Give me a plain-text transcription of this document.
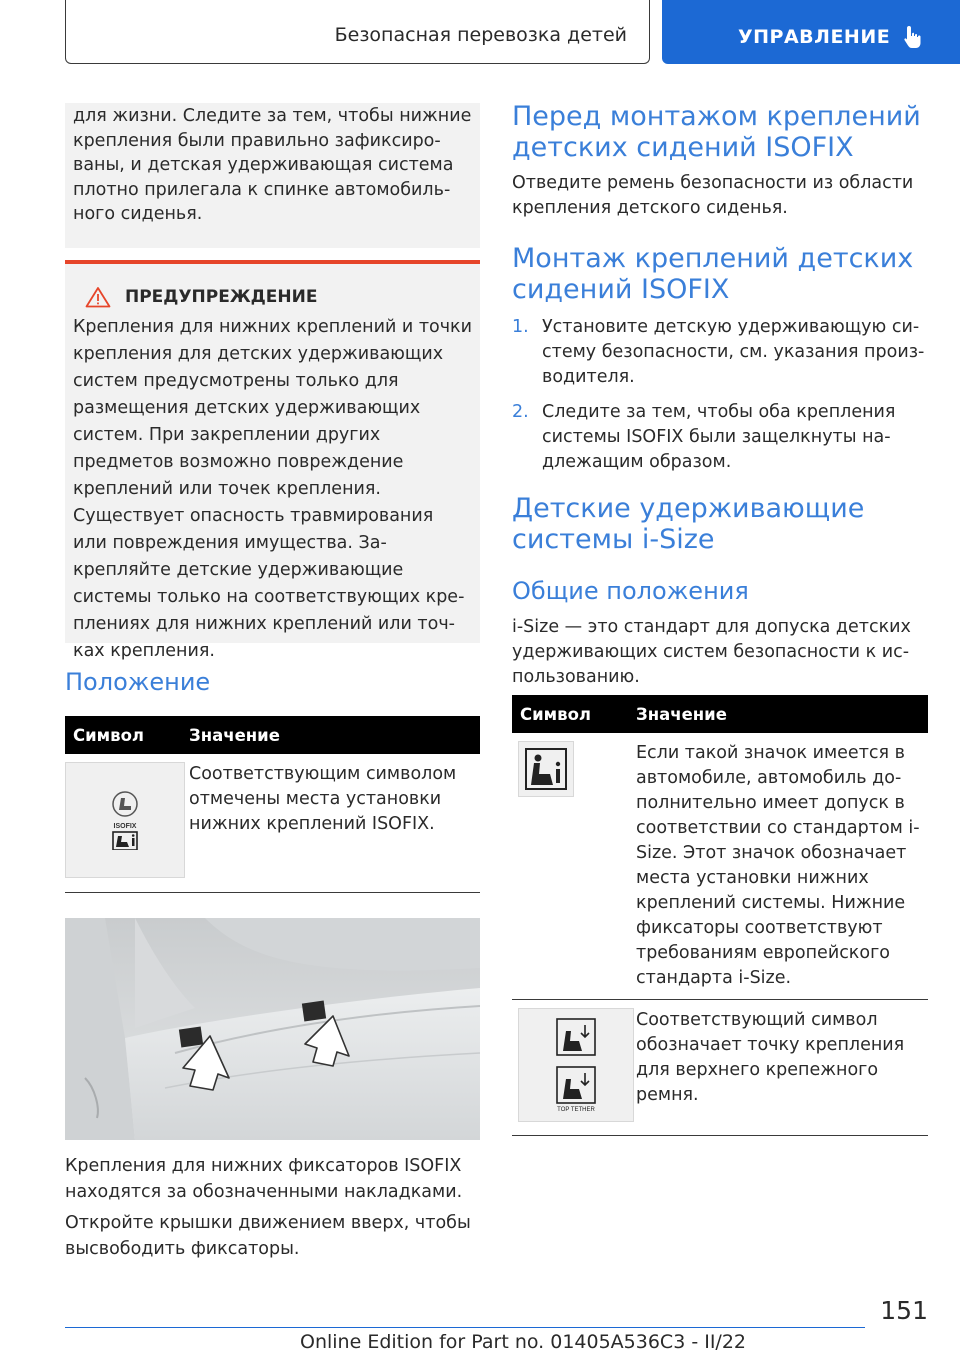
Безопасная перевозка детей	УПРАВЛЕНИЕ

для жизни. Следите за тем, чтобы нижние крепления были правильно зафиксированы, и детская удерживающая система плотно прилегала к спинке автомобильного сиденья.

ПРЕДУПРЕЖДЕНИЕ

Крепления для нижних креплений и точки крепления для детских удерживающих систем предусмотрены только для размещения детских удерживающих систем. При закреплении других предметов возможно повреждение креплений или точек крепления. Существует опасность травмирования или повреждения имущества. Закрепляйте детские удерживающие системы только на соответствующих креплениях для нижних креплений или точках крепления.

Положение
Символ	Значение
ISOFIX
Соответствующим символом отмечены места установки нижних креплений ISOFIX.

Крепления для нижних фиксаторов ISOFIX находятся за обозначенными накладками.

Откройте крышки движением вверх, чтобы высвободить фиксаторы.

Перед монтажом креплений детских сидений ISOFIX

Отведите ремень безопасности из области крепления детского сиденья.

Монтаж креплений детских сидений ISOFIX
1. Установите детскую удерживающую систему безопасности, см. указания производителя.
2. Следите за тем, чтобы оба крепления системы ISOFIX были защелкнуты надлежащим образом.
Детские удерживающие системы i-Size
Общие положения

i-Size — это стандарт для допуска детских удерживающих систем безопасности к использованию.

Символ	Значение
Если такой значок имеется в автомобиле, автомобиль дополнительно имеет допуск в соответствии со стандартом i-Size. Этот значок обозначает места установки нижних креплений системы. Нижние фиксаторы соответствуют требованиям европейского стандарта i-Size.
TOP TETHER
Соответствующий символ обозначает точку крепления для верхнего крепежного ремня.
151
Online Edition for Part no. 01405A536C3 - II/22
